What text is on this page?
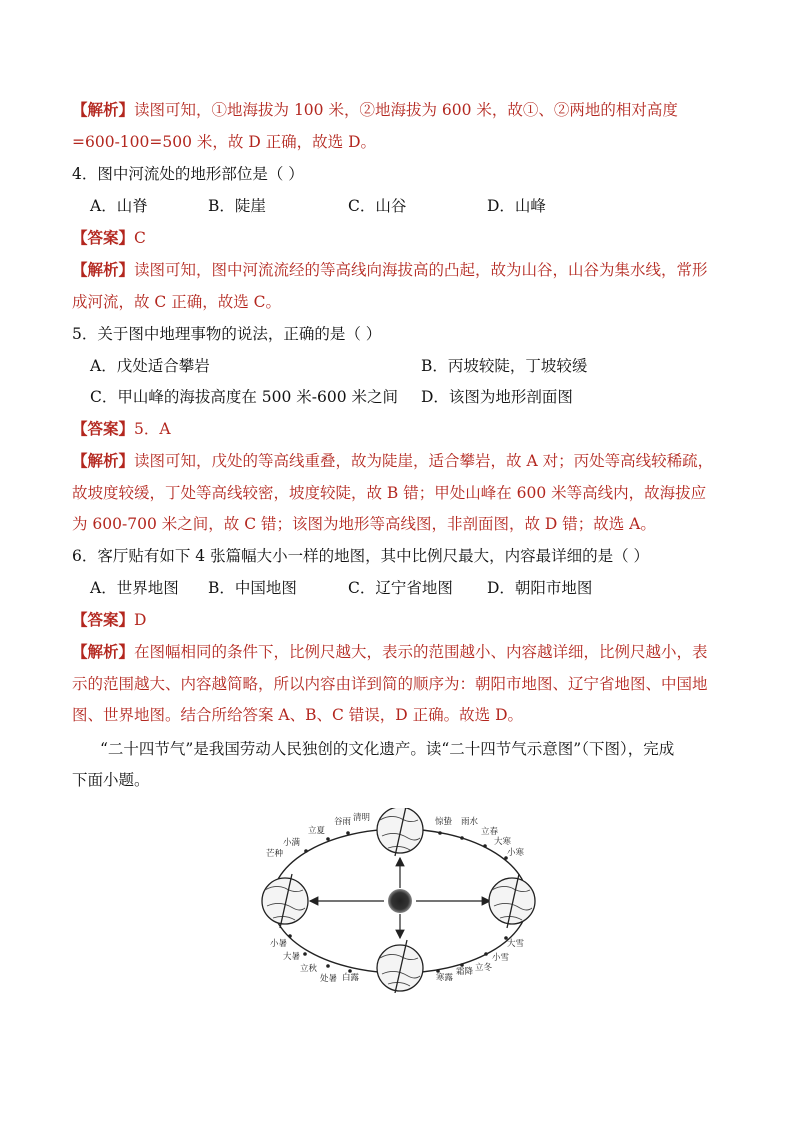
【解析】读图可知，①地海拔为 100 米，②地海拔为 600 米，故①、②两地的相对高度
=600-100=500 米，故 D 正确，故选 D。
4．图中河流处的地形部位是（ ）
A．山脊	B．陡崖	C．山谷	D．山峰
【答案】C
【解析】读图可知，图中河流流经的等高线向海拔高的凸起，故为山谷，山谷为集水线，常形
成河流，故 C 正确，故选 C。
5．关于图中地理事物的说法，正确的是（ ）
A．戊处适合攀岩	B．丙坡较陡，丁坡较缓
C．甲山峰的海拔高度在 500 米-600 米之间 D．该图为地形剖面图
【答案】5．A
【解析】读图可知，戊处的等高线重叠，故为陡崖，适合攀岩，故 A 对；丙处等高线较稀疏，
故坡度较缓，丁处等高线较密，坡度较陡，故 B 错；甲处山峰在 600 米等高线内，故海拔应
为 600-700 米之间，故 C 错；该图为地形等高线图，非剖面图，故 D 错；故选 A。
6．客厅贴有如下 4 张篇幅大小一样的地图，其中比例尺最大，内容最详细的是（ ）
A．世界地图 B．中国地图	C．辽宁省地图 D．朝阳市地图
【答案】D
【解析】在图幅相同的条件下，比例尺越大，表示的范围越小、内容越详细，比例尺越小，表
示的范围越大、内容越简略，所以内容由详到简的顺序为：朝阳市地图、辽宁省地图、中国地
图、世界地图。结合所给答案 A、B、C 错误，D 正确。故选 D。
“二十四节气”是我国劳动人民独创的文化遗产。读“二十四节气示意图”（下图），完成
下面小题。
谷雨 清明
立夏
小满
芒种
惊蛰 雨水
立春
大寒
小寒
小暑
大暑
立秋
处暑 白露
大雪
小雪
立冬
霜降
寒露
